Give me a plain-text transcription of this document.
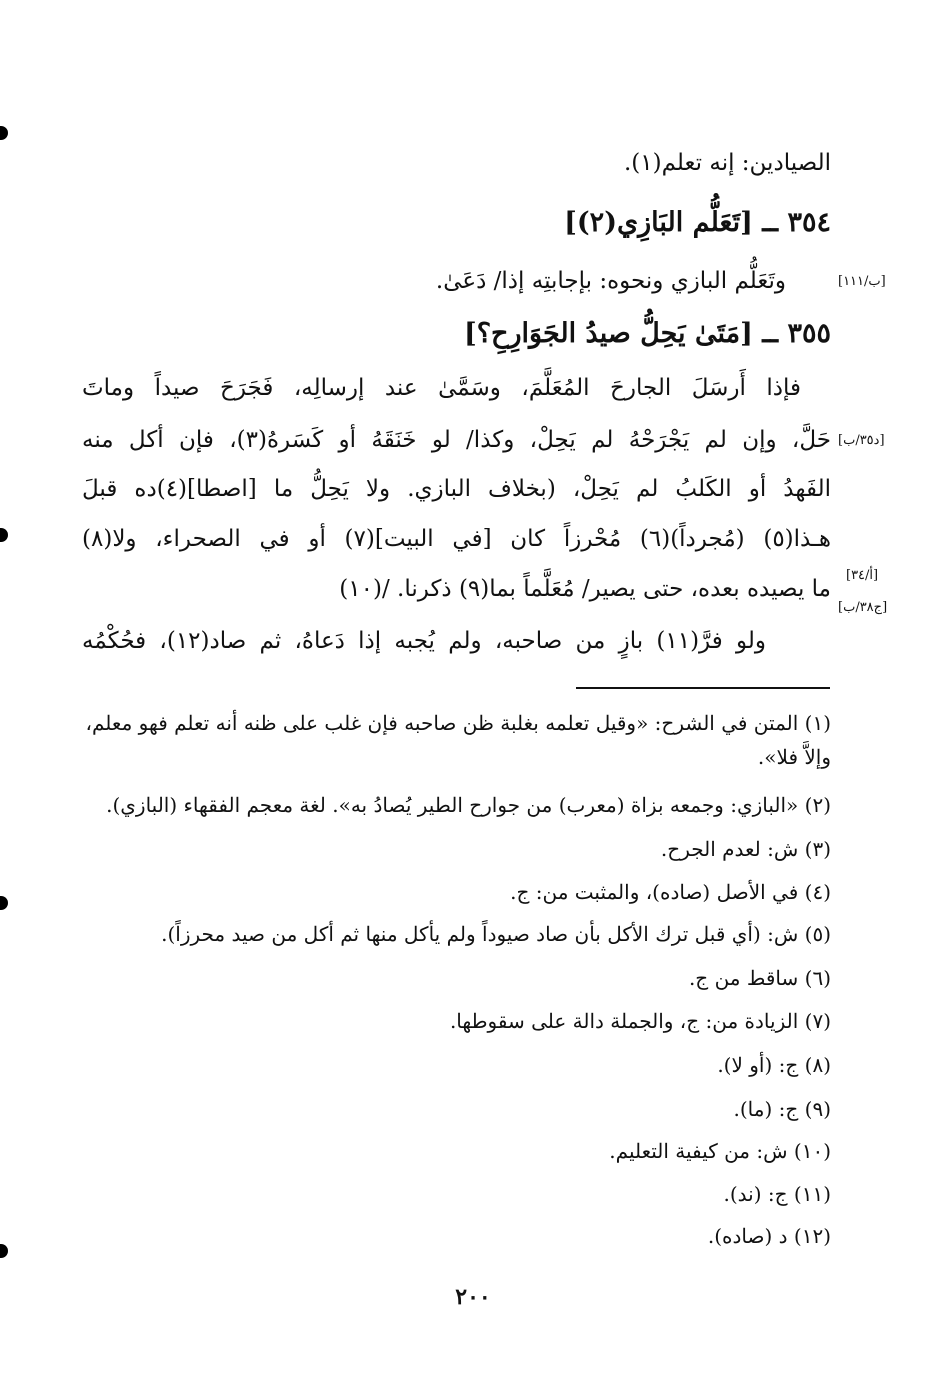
الصيادين: إنه تعلم(١).
٣٥٤ ــ [تَعَلُّم البَازِي(٢)]
وتَعَلُّم البازي ونحوه: بإجابتِه إذا/ دَعَىٰ.
٣٥٥ ــ [مَتَىٰ يَحِلُّ صيدُ الجَوَارِحِ؟]
فإذا أَرسَلَ الجارحَ المُعَلَّمَ، وسَمَّىٰ عند إرسالِه، فَجَرَحَ صيداً وماتَ
حَلَّ، وإن لم يَجْرَحْهُ لم يَحِلْ، وكذا/ لو خَنَقَهُ أو كَسَرهُ(٣)، فإن أكل منه
الفَهدُ أو الكَلبُ لم يَحِلْ، (بخلاف البازي. ولا يَحِلُّ ما [اصطا](٤)ده قبلَ
هـذا(٥) (مُجرداً)(٦) مُحْرزاً كان [في البيت](٧) أو في الصحراء، ولا(٨)
ما يصيده بعده، حتى يصير/ مُعَلَّماً بما(٩) ذكرنا. /(١٠)
ولو فرَّ(١١) بازٍ من صاحبه، ولم يُجبه إذا دَعاهُ، ثم صاد(١٢)، فحُكْمُه
[ب/١١١]
[د٣٥/ب]
[أ/٣٤]
[ج٣٨/ب]
(١) المتن في الشرح: «وقيل تعلمه بغلبة ظن صاحبه فإن غلب على ظنه أنه تعلم فهو معلم، وإلاَّ فلا».
(٢) «البازي: وجمعه بزاة (معرب) من جوارح الطير يُصادُ به». لغة معجم الفقهاء (البازي).
(٣) ش: لعدم الجرح.
(٤) في الأصل (صاده)، والمثبت من: ج.
(٥) ش: (أي قبل ترك الأكل بأن صاد صيوداً ولم يأكل منها ثم أكل من صيد محرزاً).
(٦) ساقط من ج.
(٧) الزيادة من: ج، والجملة دالة على سقوطها.
(٨) ج: (أو لا).
(٩) ج: (ما).
(١٠) ش: من كيفية التعليم.
(١١) ج: (ند).
(١٢) د (صاده).
٢٠٠
